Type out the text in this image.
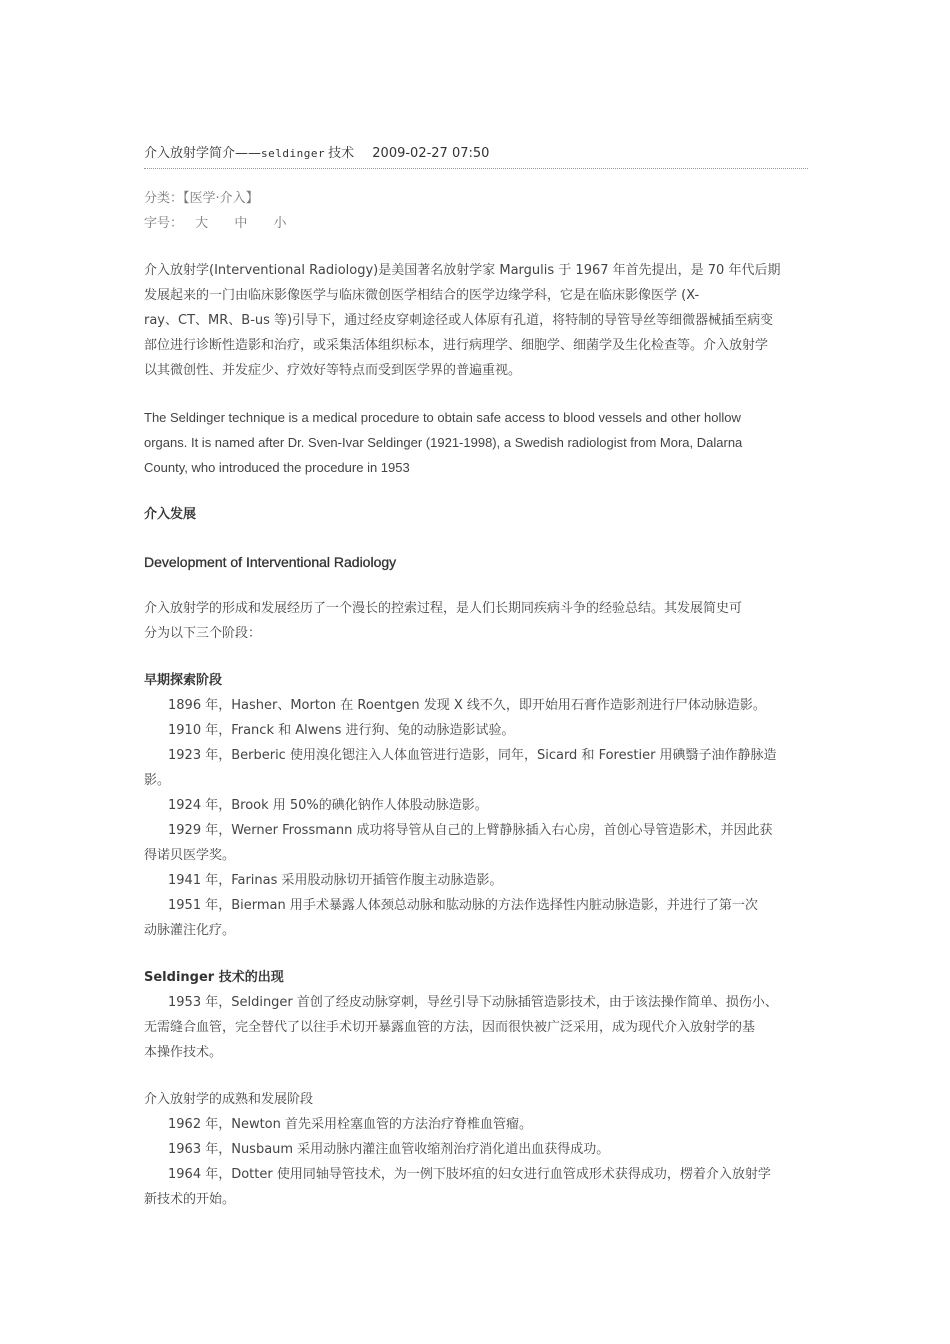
介入放射学简介——seldinger 技术 2009-02-27 07:50
分类：【医学·介入】
字号： 大 中 小
介入放射学(Interventional Radiology)是美国著名放射学家 Margulis 于 1967 年首先提出，是 70 年代后期
发展起来的一门由临床影像医学与临床微创医学相结合的医学边缘学科，它是在临床影像医学 (X-
ray、CT、MR、B-us 等)引导下，通过经皮穿刺途径或人体原有孔道，将特制的导管导丝等细微器械插至病变
部位进行诊断性造影和治疗，或采集活体组织标本，进行病理学、细胞学、细菌学及生化检查等。介入放射学
以其微创性、并发症少、疗效好等特点而受到医学界的普遍重视。
The Seldinger technique is a medical procedure to obtain safe access to blood vessels and other hollow
organs. It is named after Dr. Sven-Ivar Seldinger (1921-1998), a Swedish radiologist from Mora, Dalarna
County, who introduced the procedure in 1953
介入发展
Development of Interventional Radiology
介入放射学的形成和发展经历了一个漫长的控索过程，是人们长期同疾病斗争的经验总结。其发展简史可
分为以下三个阶段：
早期探索阶段
1896 年，Hasher、Morton 在 Roentgen 发现 X 线不久，即开始用石膏作造影剂进行尸体动脉造影。
1910 年，Franck 和 Alwens 进行狗、兔的动脉造影试验。
1923 年，Berberic 使用溴化锶注入人体血管进行造影，同年，Sicard 和 Forestier 用碘翳子油作静脉造
影。
1924 年，Brook 用 50%的碘化钠作人体股动脉造影。
1929 年，Werner Frossmann 成功将导管从自己的上臂静脉插入右心房，首创心导管造影术，并因此获
得诺贝医学奖。
1941 年，Farinas 采用股动脉切开插管作腹主动脉造影。
1951 年，Bierman 用手术暴露人体颈总动脉和肱动脉的方法作选择性内脏动脉造影，并进行了第一次
动脉灌注化疗。
Seldinger 技术的出现
1953 年，Seldinger 首创了经皮动脉穿刺，导丝引导下动脉插管造影技术，由于该法操作简单、损伤小、
无需缝合血管，完全替代了以往手术切开暴露血管的方法，因而很快被广泛采用，成为现代介入放射学的基
本操作技术。
介入放射学的成熟和发展阶段
1962 年，Newton 首先采用栓塞血管的方法治疗脊椎血管瘤。
1963 年，Nusbaum 采用动脉内灌注血管收缩剂治疗消化道出血获得成功。
1964 年，Dotter 使用同轴导管技术，为一例下肢坏疽的妇女进行血管成形术获得成功，楞着介入放射学
新技术的开始。
